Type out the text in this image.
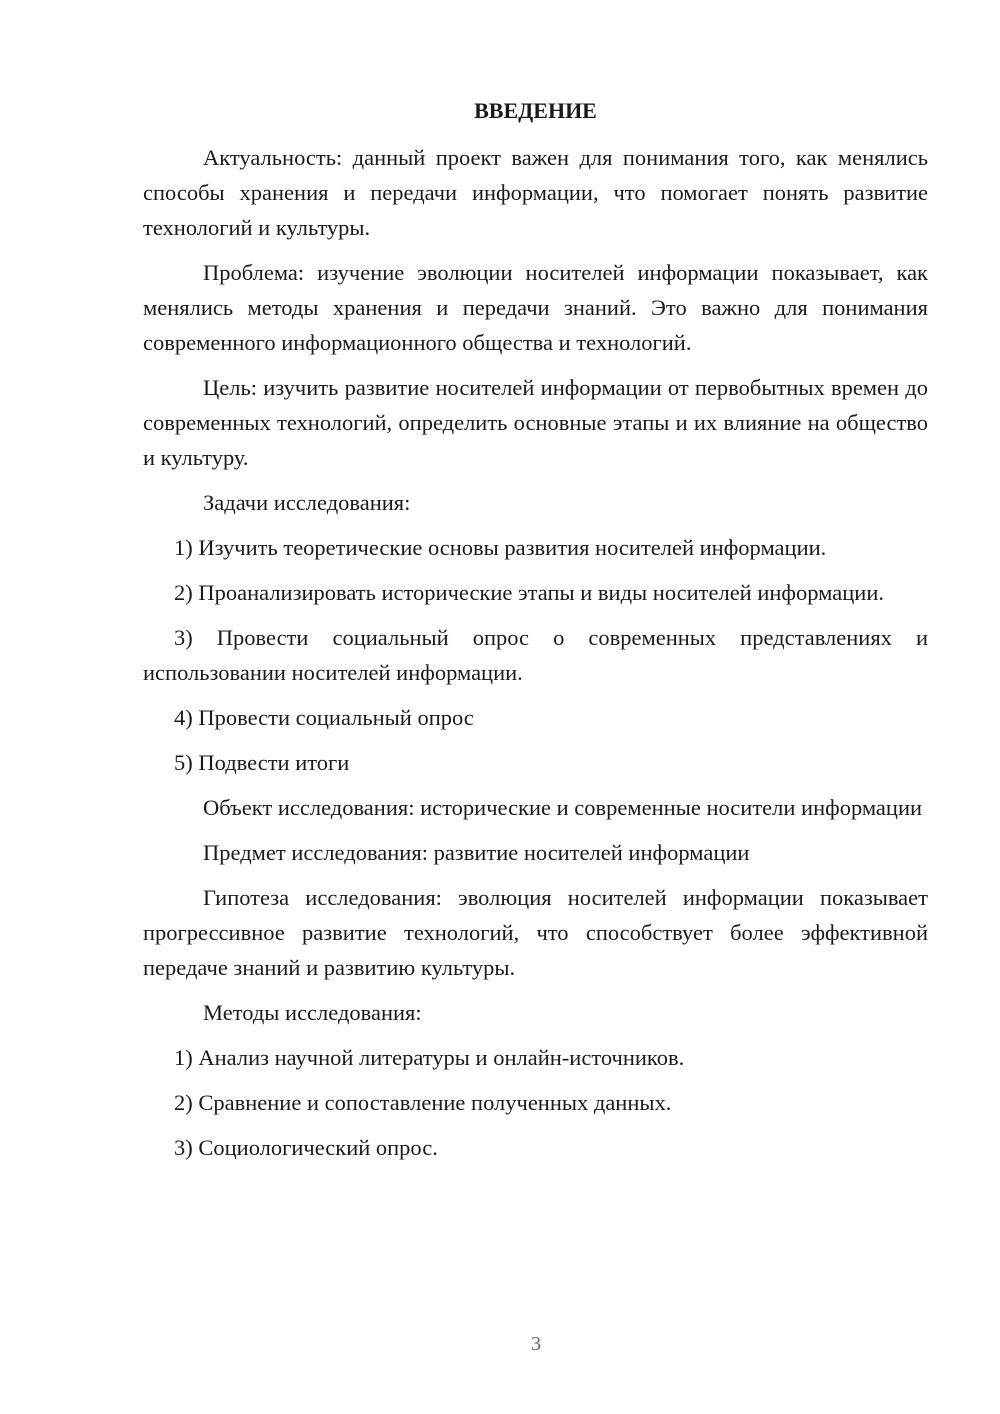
ВВЕДЕНИЕ
Актуальность: данный проект важен для понимания того, как менялись способы хранения и передачи информации, что помогает понять развитие технологий и культуры.
Проблема: изучение эволюции носителей информации показывает, как менялись методы хранения и передачи знаний. Это важно для понимания современного информационного общества и технологий.
Цель: изучить развитие носителей информации от первобытных времен до современных технологий, определить основные этапы и их влияние на общество и культуру.
Задачи исследования:
1) Изучить теоретические основы развития носителей информации.
2) Проанализировать исторические этапы и виды носителей информации.
3) Провести социальный опрос о современных представлениях и использовании носителей информации.
4) Провести социальный опрос
5) Подвести итоги
Объект исследования: исторические и современные носители информации
Предмет исследования: развитие носителей информации
Гипотеза исследования: эволюция носителей информации показывает прогрессивное развитие технологий, что способствует более эффективной передаче знаний и развитию культуры.
Методы исследования:
1) Анализ научной литературы и онлайн-источников.
2) Сравнение и сопоставление полученных данных.
3) Социологический опрос.
3
